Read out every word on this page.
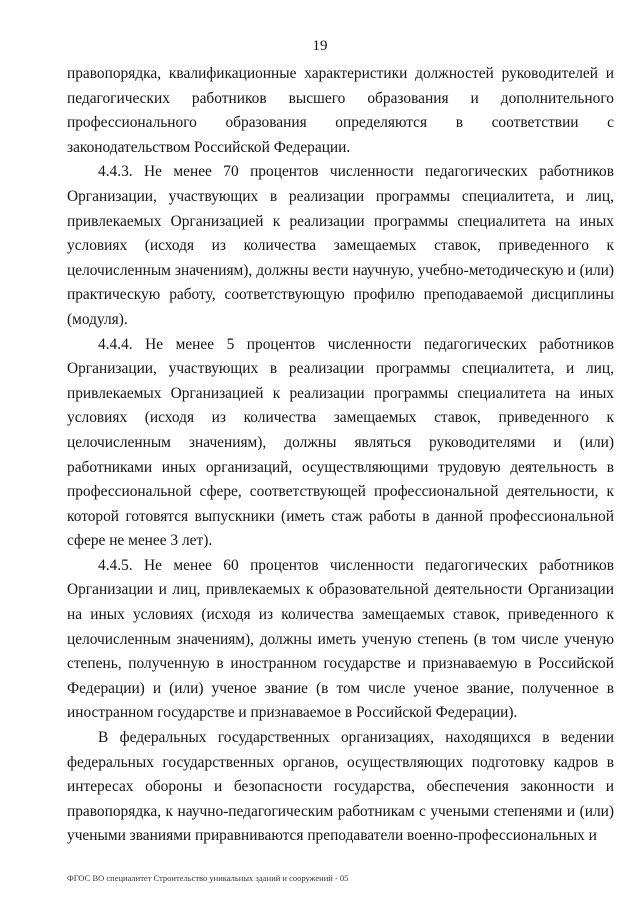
19

правопорядка, квалификационные характеристики должностей руководителей и педагогических работников высшего образования и дополнительного профессионального образования определяются в соответствии с законодательством Российской Федерации.

4.4.3. Не менее 70 процентов численности педагогических работников Организации, участвующих в реализации программы специалитета, и лиц, привлекаемых Организацией к реализации программы специалитета на иных условиях (исходя из количества замещаемых ставок, приведенного к целочисленным значениям), должны вести научную, учебно-методическую и (или) практическую работу, соответствующую профилю преподаваемой дисциплины (модуля).

4.4.4. Не менее 5 процентов численности педагогических работников Организации, участвующих в реализации программы специалитета, и лиц, привлекаемых Организацией к реализации программы специалитета на иных условиях (исходя из количества замещаемых ставок, приведенного к целочисленным значениям), должны являться руководителями и (или) работниками иных организаций, осуществляющими трудовую деятельность в профессиональной сфере, соответствующей профессиональной деятельности, к которой готовятся выпускники (иметь стаж работы в данной профессиональной сфере не менее 3 лет).

4.4.5. Не менее 60 процентов численности педагогических работников Организации и лиц, привлекаемых к образовательной деятельности Организации на иных условиях (исходя из количества замещаемых ставок, приведенного к целочисленным значениям), должны иметь ученую степень (в том числе ученую степень, полученную в иностранном государстве и признаваемую в Российской Федерации) и (или) ученое звание (в том числе ученое звание, полученное в иностранном государстве и признаваемое в Российской Федерации).

В федеральных государственных организациях, находящихся в ведении федеральных государственных органов, осуществляющих подготовку кадров в интересах обороны и безопасности государства, обеспечения законности и правопорядка, к научно-педагогическим работникам с учеными степенями и (или) учеными званиями приравниваются преподаватели военно-профессиональных и

ФГОС ВО специалитет Строительство уникальных зданий и сооружений - 05
